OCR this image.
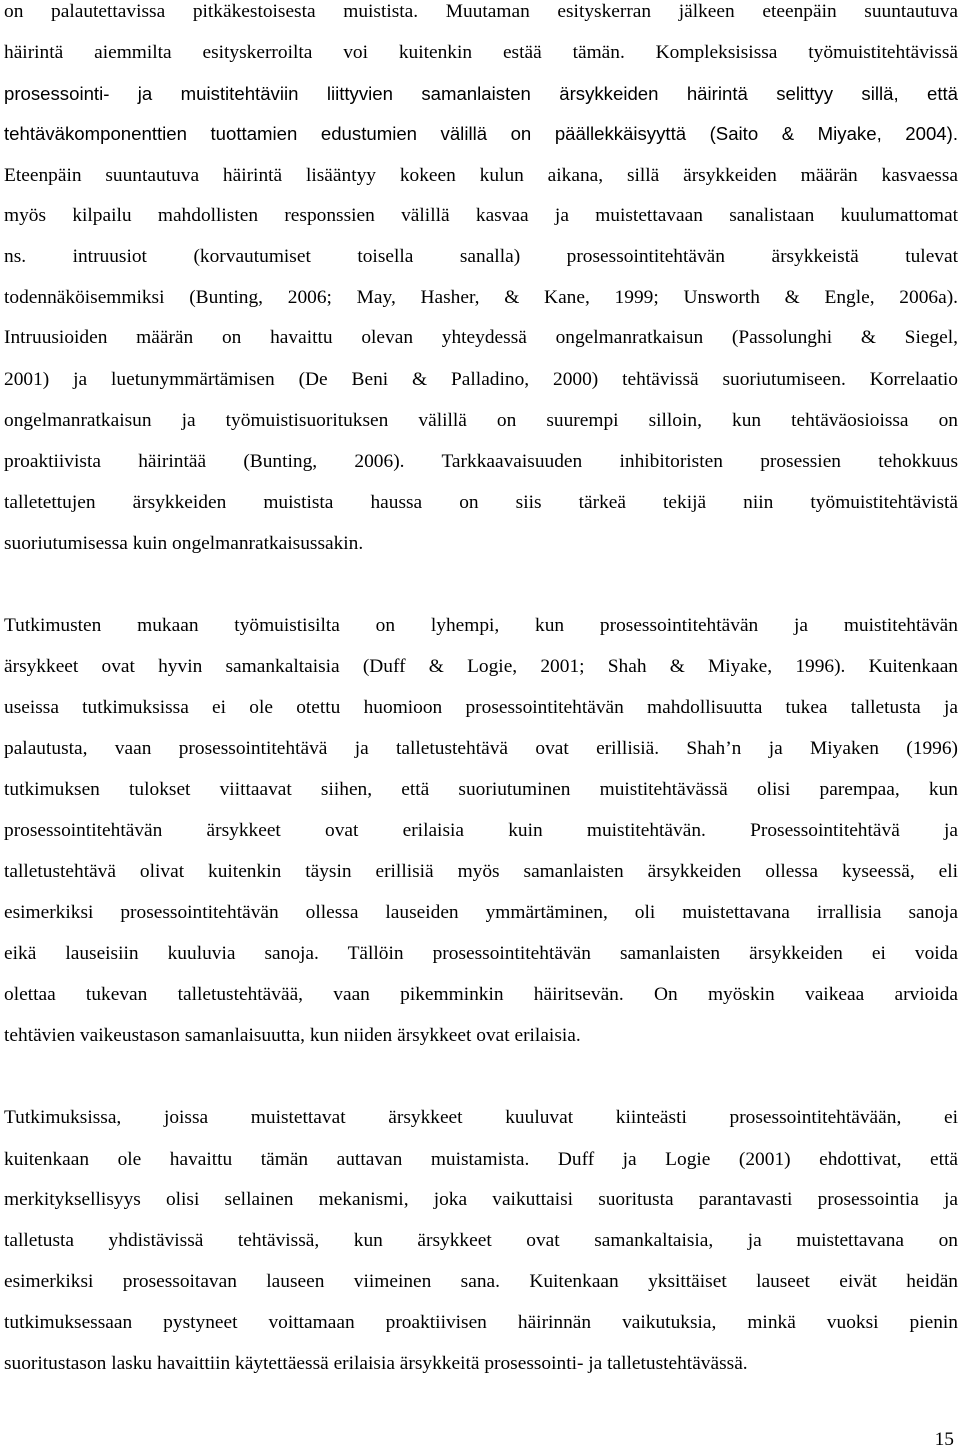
on palautettavissa pitkäkestoisesta muistista. Muutaman esityskerran jälkeen eteenpäin suuntautuva
häirintä aiemmilta esityskerroilta voi kuitenkin estää tämän. Kompleksisissa työmuistitehtävissä
prosessointi- ja muistitehtäviin liittyvien samanlaisten ärsykkeiden häirintä selittyy sillä, että
tehtäväkomponenttien tuottamien edustumien välillä on päällekkäisyyttä (Saito & Miyake, 2004).
Eteenpäin suuntautuva häirintä lisääntyy kokeen kulun aikana, sillä ärsykkeiden määrän kasvaessa
myös kilpailu mahdollisten responssien välillä kasvaa ja muistettavaan sanalistaan kuulumattomat
ns. intruusiot (korvautumiset toisella sanalla) prosessointitehtävän ärsykkeistä tulevat
todennäköisemmiksi (Bunting, 2006; May, Hasher, & Kane, 1999; Unsworth & Engle, 2006a).
Intruusioiden määrän on havaittu olevan yhteydessä ongelmanratkaisun (Passolunghi & Siegel,
2001) ja luetunymmärtämisen (De Beni & Palladino, 2000) tehtävissä suoriutumiseen. Korrelaatio
ongelmanratkaisun ja työmuistisuorituksen välillä on suurempi silloin, kun tehtäväosioissa on
proaktiivista häirintää (Bunting, 2006). Tarkkaavaisuuden inhibitoristen prosessien tehokkuus
talletettujen ärsykkeiden muistista haussa on siis tärkeä tekijä niin työmuistitehtävistä
suoriutumisessa kuin ongelmanratkaisussakin.
Tutkimusten mukaan työmuistisilta on lyhempi, kun prosessointitehtävän ja muistitehtävän
ärsykkeet ovat hyvin samankaltaisia (Duff & Logie, 2001; Shah & Miyake, 1996). Kuitenkaan
useissa tutkimuksissa ei ole otettu huomioon prosessointitehtävän mahdollisuutta tukea talletusta ja
palautusta, vaan prosessointitehtävä ja talletustehtävä ovat erillisiä. Shah’n ja Miyaken (1996)
tutkimuksen tulokset viittaavat siihen, että suoriutuminen muistitehtävässä olisi parempaa, kun
prosessointitehtävän ärsykkeet ovat erilaisia kuin muistitehtävän. Prosessointitehtävä ja
talletustehtävä olivat kuitenkin täysin erillisiä myös samanlaisten ärsykkeiden ollessa kyseessä, eli
esimerkiksi prosessointitehtävän ollessa lauseiden ymmärtäminen, oli muistettavana irrallisia sanoja
eikä lauseisiin kuuluvia sanoja. Tällöin prosessointitehtävän samanlaisten ärsykkeiden ei voida
olettaa tukevan talletustehtävää, vaan pikemminkin häiritsevän. On myöskin vaikeaa arvioida
tehtävien vaikeustason samanlaisuutta, kun niiden ärsykkeet ovat erilaisia.
Tutkimuksissa, joissa muistettavat ärsykkeet kuuluvat kiinteästi prosessointitehtävään, ei
kuitenkaan ole havaittu tämän auttavan muistamista. Duff ja Logie (2001) ehdottivat, että
merkityksellisyys olisi sellainen mekanismi, joka vaikuttaisi suoritusta parantavasti prosessointia ja
talletusta yhdistävissä tehtävissä, kun ärsykkeet ovat samankaltaisia, ja muistettavana on
esimerkiksi prosessoitavan lauseen viimeinen sana. Kuitenkaan yksittäiset lauseet eivät heidän
tutkimuksessaan pystyneet voittamaan proaktiivisen häirinnän vaikutuksia, minkä vuoksi pienin
suoritustason lasku havaittiin käytettäessä erilaisia ärsykkeitä prosessointi- ja talletustehtävässä.
15
